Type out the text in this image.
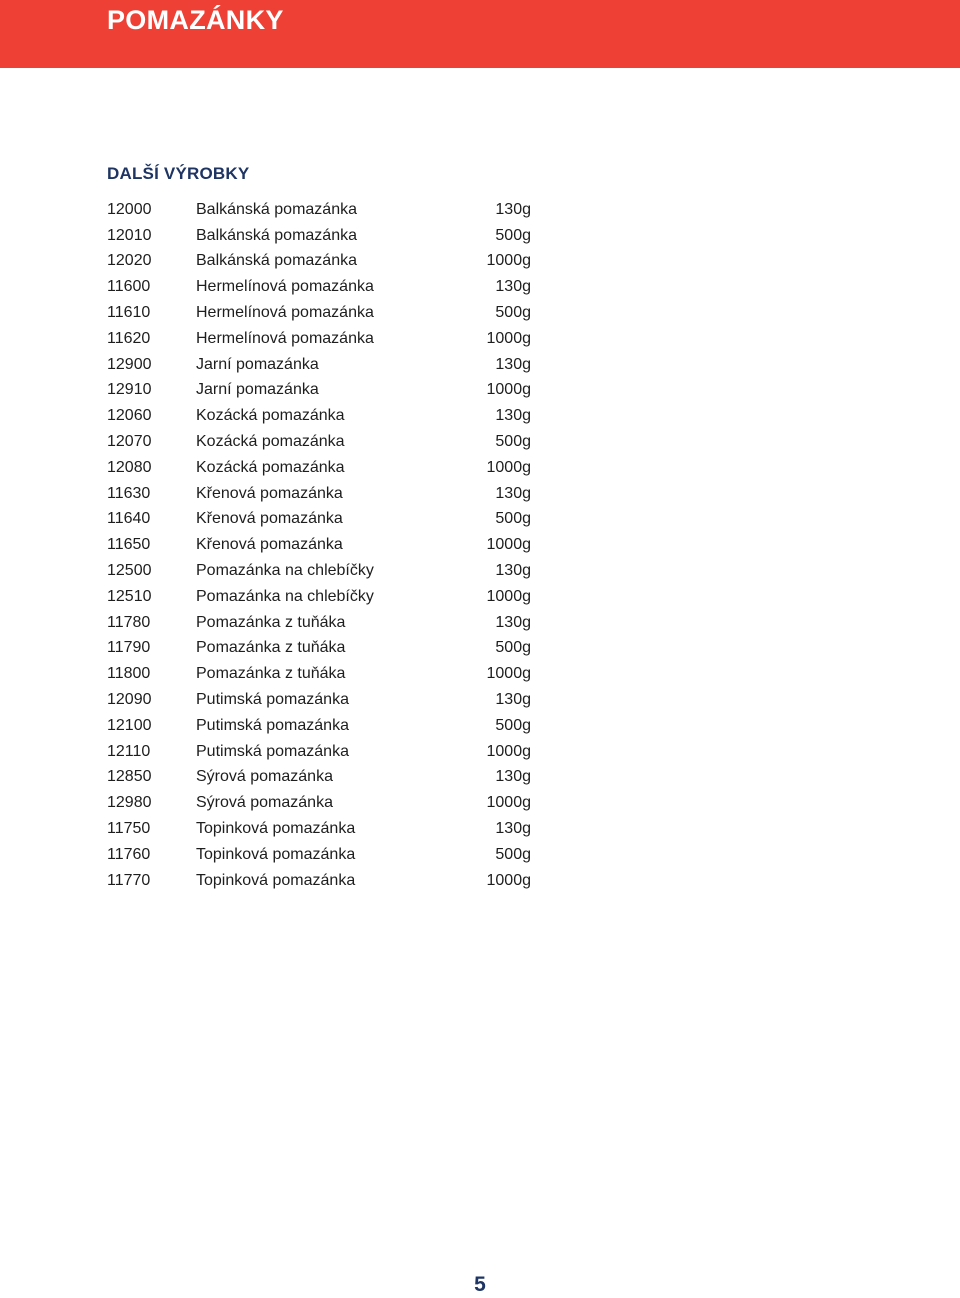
POMAZÁNKY
DALŠÍ VÝROBKY
12000	Balkánská pomazánka	130g
12010	Balkánská pomazánka	500g
12020	Balkánská pomazánka	1000g
11600	Hermelínová pomazánka	130g
11610	Hermelínová pomazánka	500g
11620	Hermelínová pomazánka	1000g
12900	Jarní pomazánka	130g
12910	Jarní pomazánka	1000g
12060	Kozácká pomazánka	130g
12070	Kozácká pomazánka	500g
12080	Kozácká pomazánka	1000g
11630	Křenová pomazánka	130g
11640	Křenová pomazánka	500g
11650	Křenová pomazánka	1000g
12500	Pomazánka na chlebíčky	130g
12510	Pomazánka na chlebíčky	1000g
11780	Pomazánka z tuňáka	130g
11790	Pomazánka z tuňáka	500g
11800	Pomazánka z tuňáka	1000g
12090	Putimská pomazánka	130g
12100	Putimská pomazánka	500g
12110	Putimská pomazánka	1000g
12850	Sýrová pomazánka	130g
12980	Sýrová pomazánka	1000g
11750	Topinková pomazánka	130g
11760	Topinková pomazánka	500g
11770	Topinková pomazánka	1000g
5
